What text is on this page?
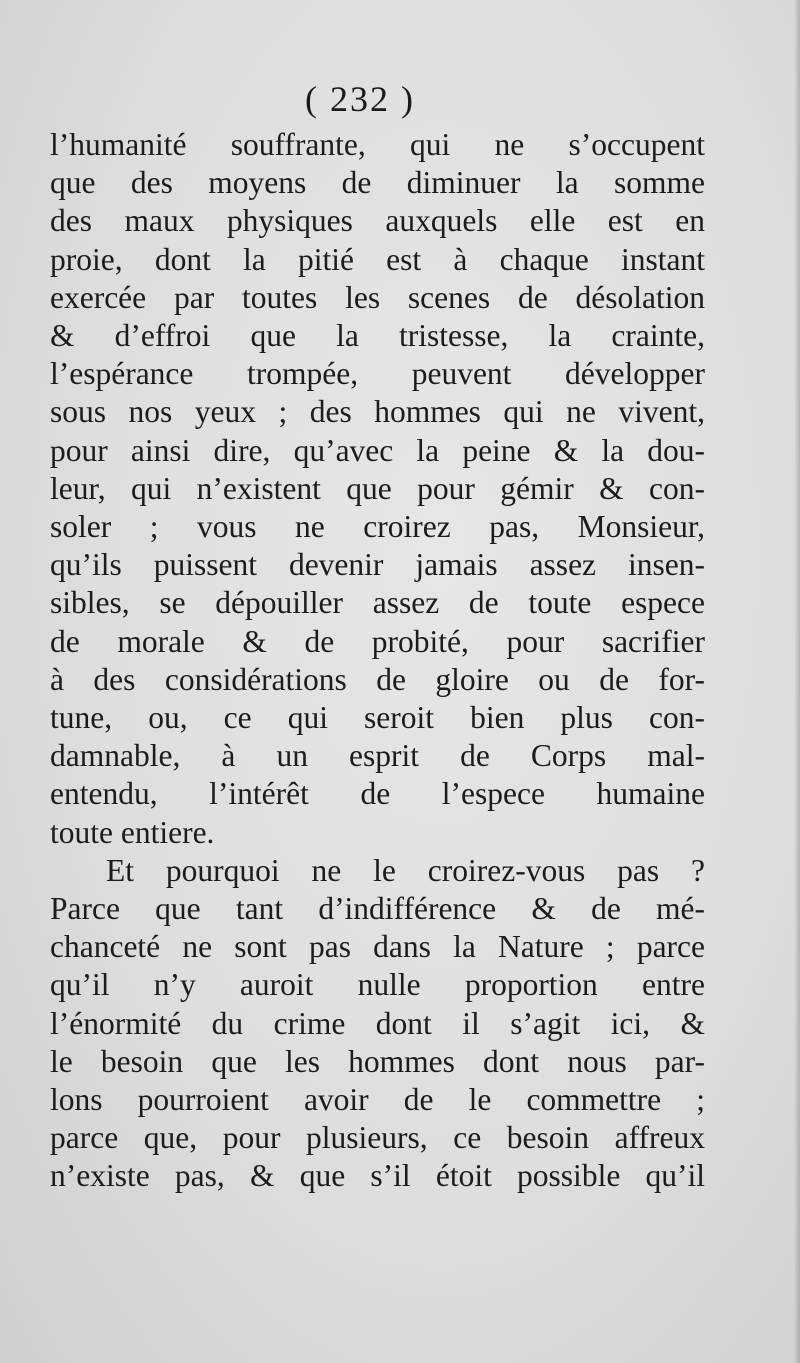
( 232 )
l’humanité souffrante, qui ne s’occupent
que des moyens de diminuer la somme
des maux physiques auxquels elle est en
proie, dont la pitié est à chaque instant
exercée par toutes les scenes de désolation
& d’effroi que la tristesse, la crainte,
l’espérance trompée, peuvent développer
sous nos yeux ; des hommes qui ne vivent,
pour ainsi dire, qu’avec la peine & la dou-
leur, qui n’existent que pour gémir & con-
soler ; vous ne croirez pas, Monsieur,
qu’ils puissent devenir jamais assez insen-
sibles, se dépouiller assez de toute espece
de morale & de probité, pour sacrifier
à des considérations de gloire ou de for-
tune, ou, ce qui seroit bien plus con-
damnable, à un esprit de Corps mal-
entendu, l’intérêt de l’espece humaine
toute entiere.
Et pourquoi ne le croirez-vous pas ?
Parce que tant d’indifférence & de mé-
chanceté ne sont pas dans la Nature ; parce
qu’il n’y auroit nulle proportion entre
l’énormité du crime dont il s’agit ici, &
le besoin que les hommes dont nous par-
lons pourroient avoir de le commettre ;
parce que, pour plusieurs, ce besoin affreux
n’existe pas, & que s’il étoit possible qu’il
